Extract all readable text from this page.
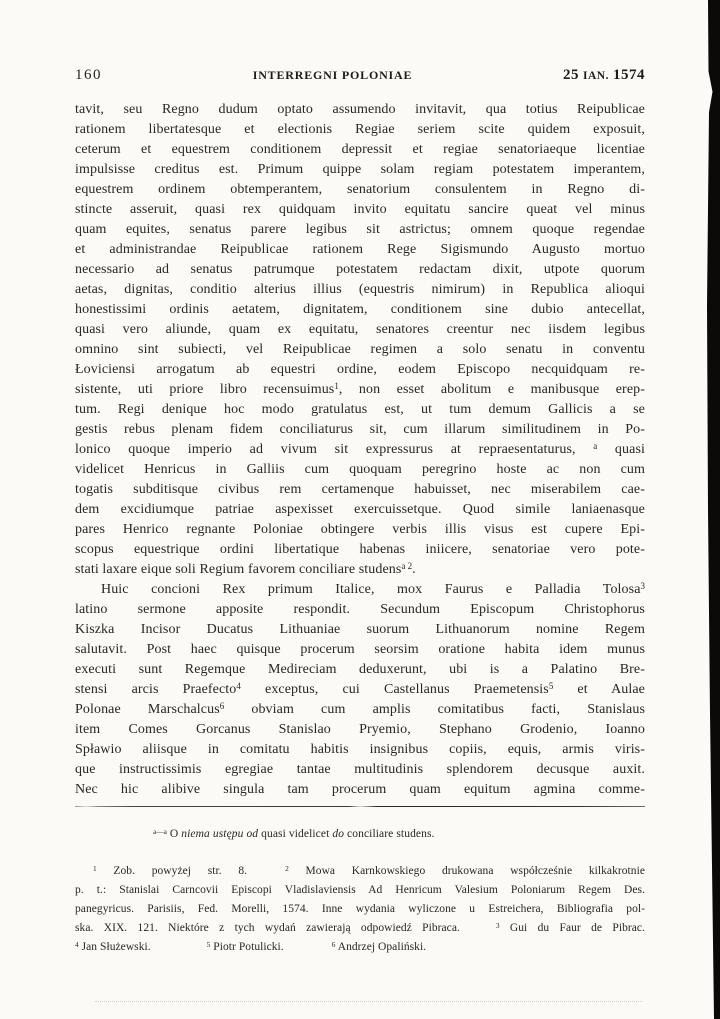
160	INTERREGNI POLONIAE	25 IAN. 1574
tavit, seu Regno dudum optato assumendo invitavit, qua totius Reipublicae
rationem libertatesque et electionis Regiae seriem scite quidem exposuit,
ceterum et equestrem conditionem depressit et regiae senatoriaeque licentiae
impulsisse creditus est. Primum quippe solam regiam potestatem imperantem,
equestrem ordinem obtemperantem, senatorium consulentem in Regno di-
stincte asseruit, quasi rex quidquam invito equitatu sancire queat vel minus
quam equites, senatus parere legibus sit astrictus; omnem quoque regendae
et administrandae Reipublicae rationem Rege Sigismundo Augusto mortuo
necessario ad senatus patrumque potestatem redactam dixit, utpote quorum
aetas, dignitas, conditio alterius illius (equestris nimirum) in Republica alioqui
honestissimi ordinis aetatem, dignitatem, conditionem sine dubio antecellat,
quasi vero aliunde, quam ex equitatu, senatores creentur nec iisdem legibus
omnino sint subiecti, vel Reipublicae regimen a solo senatu in conventu
Łoviciensi arrogatum ab equestri ordine, eodem Episcopo necquidquam re-
sistente, uti priore libro recensuimus$^1$, non esset abolitum e manibusque erep-
tum. Regi denique hoc modo gratulatus est, ut tum demum Gallicis a se
gestis rebus plenam fidem conciliaturus sit, cum illarum similitudinem in Po-
lonico quoque imperio ad vivum sit expressurus at repraesentaturus, $^a$ quasi
videlicet Henricus in Galliis cum quoquam peregrino hoste ac non cum
togatis subditisque civibus rem certamenque habuisset, nec miserabilem cae-
dem excidiumque patriae aspexisset exercuissetque. Quod simile laniaenasque
pares Henrico regnante Poloniae obtingere verbis illis visus est cupere Epi-
scopus equestrique ordini libertatique habenas iniicere, senatoriae vero pote-
stati laxare eique soli Regium favorem conciliare studens$^{a 2}$.
Huic concioni Rex primum Italice, mox Faurus e Palladia Tolosa$^3$
latino sermone apposite respondit. Secundum Episcopum Christophorus
Kiszka Incisor Ducatus Lithuaniae suorum Lithuanorum nomine Regem
salutavit. Post haec quisque procerum seorsim oratione habita idem munus
executi sunt Regemque Medireciam deduxerunt, ubi is a Palatino Bre-
stensi arcis Praefecto$^4$ exceptus, cui Castellanus Praemetensis$^5$ et Aulae
Polonae Marschalcus$^6$ obviam cum amplis comitatibus facti, Stanislaus
item Comes Gorcanus Stanislao Pryemio, Stephano Grodenio, Ioanno
Spławio aliisque in comitatu habitis insignibus copiis, equis, armis viris-
que instructissimis egregiae tantae multitudinis splendorem decusque auxit.
Nec hic alibive singula tam procerum quam equitum agmina comme-
$^{a—a}$ O niema ustępu od quasi videlicet do conciliare studens.
$^1$ Zob. powyżej str. 8.	$^2$ Mowa Karnkowskiego drukowana współcześnie kilkakrotnie
p. t.: Stanislai Carncovii Episcopi Vladislaviensis Ad Henricum Valesium Poloniarum Regem Des.
panegyricus. Parisiis, Fed. Morelli, 1574. Inne wydania wyliczone u Estreichera, Bibliografia pol-
ska. XIX. 121. Niektóre z tych wydań zawierają odpowiedź Pibraca.	$^3$ Gui du Faur de Pibrac.
$^4$ Jan Służewski.	$^5$ Piotr Potulicki.	$^6$ Andrzej Opaliński.
